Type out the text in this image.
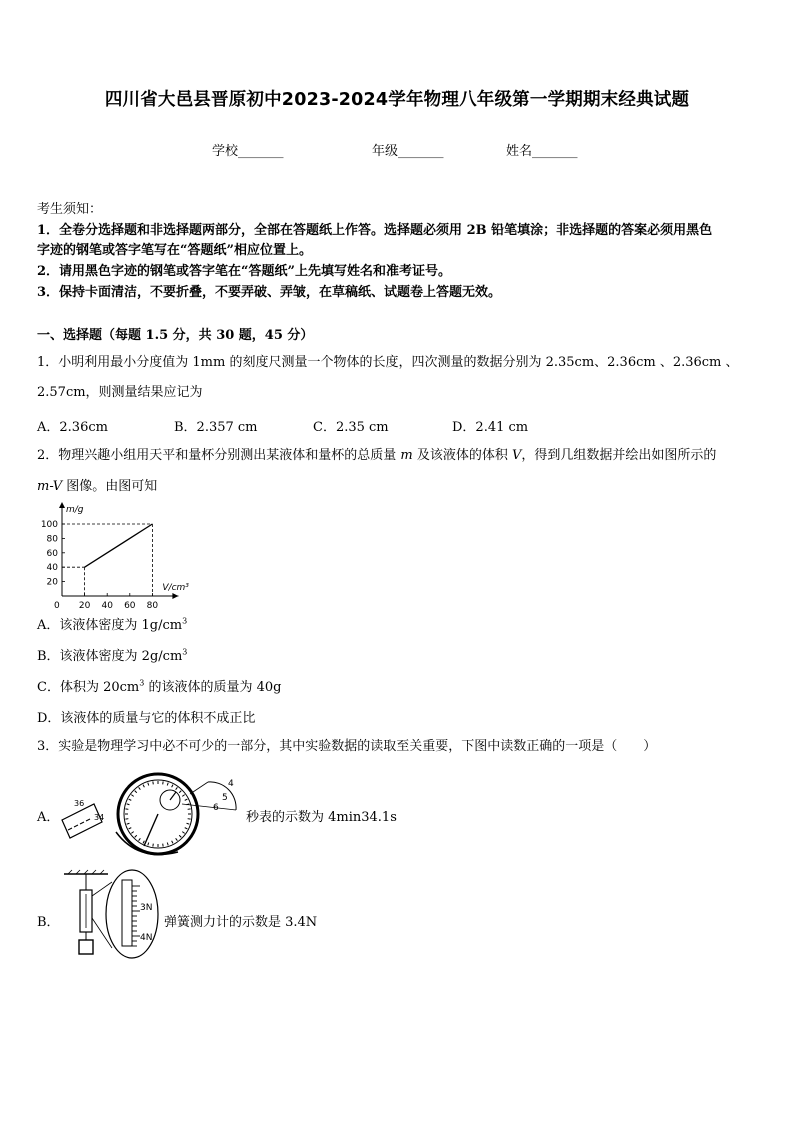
四川省大邑县晋原初中2023-2024学年物理八年级第一学期期末经典试题
学校_______	年级_______	姓名_______
考生须知：
1．全卷分选择题和非选择题两部分，全部在答题纸上作答。选择题必须用 2B 铅笔填涂；非选择题的答案必须用黑色
字迹的钢笔或答字笔写在“答题纸”相应位置上。
2．请用黑色字迹的钢笔或答字笔在“答题纸”上先填写姓名和准考证号。
3．保持卡面清洁，不要折叠，不要弄破、弄皱，在草稿纸、试题卷上答题无效。
一、选择题（每题 1.5 分，共 30 题，45 分）
1．小明利用最小分度值为 1mm 的刻度尺测量一个物体的长度，四次测量的数据分别为 2.35cm、2.36cm 、2.36cm 、
2.57cm，则测量结果应记为
A．2.36cm	B．2.357 cm	C．2.35 cm	D．2.41 cm
2．物理兴趣小组用天平和量杯分别测出某液体和量杯的总质量 m 及该液体的体积 V，得到几组数据并绘出如图所示的
m-V 图像。由图可知
100
80
60
40
20
20 40 60 80
0
m/g
V/cm³
A．该液体密度为 $1g/cm^3$
B．该液体密度为 $2g/cm^3$
C．体积为 $20cm^3$ 的该液体的质量为 40g
D．该液体的质量与它的体积不成正比
3．实验是物理学习中必不可少的一部分，其中实验数据的读取至关重要，下图中读数正确的一项是（　　）
A．
36
34
4
5
6
秒表的示数为 4min34.1s
B．
3N
4N
弹簧测力计的示数是 3.4N
